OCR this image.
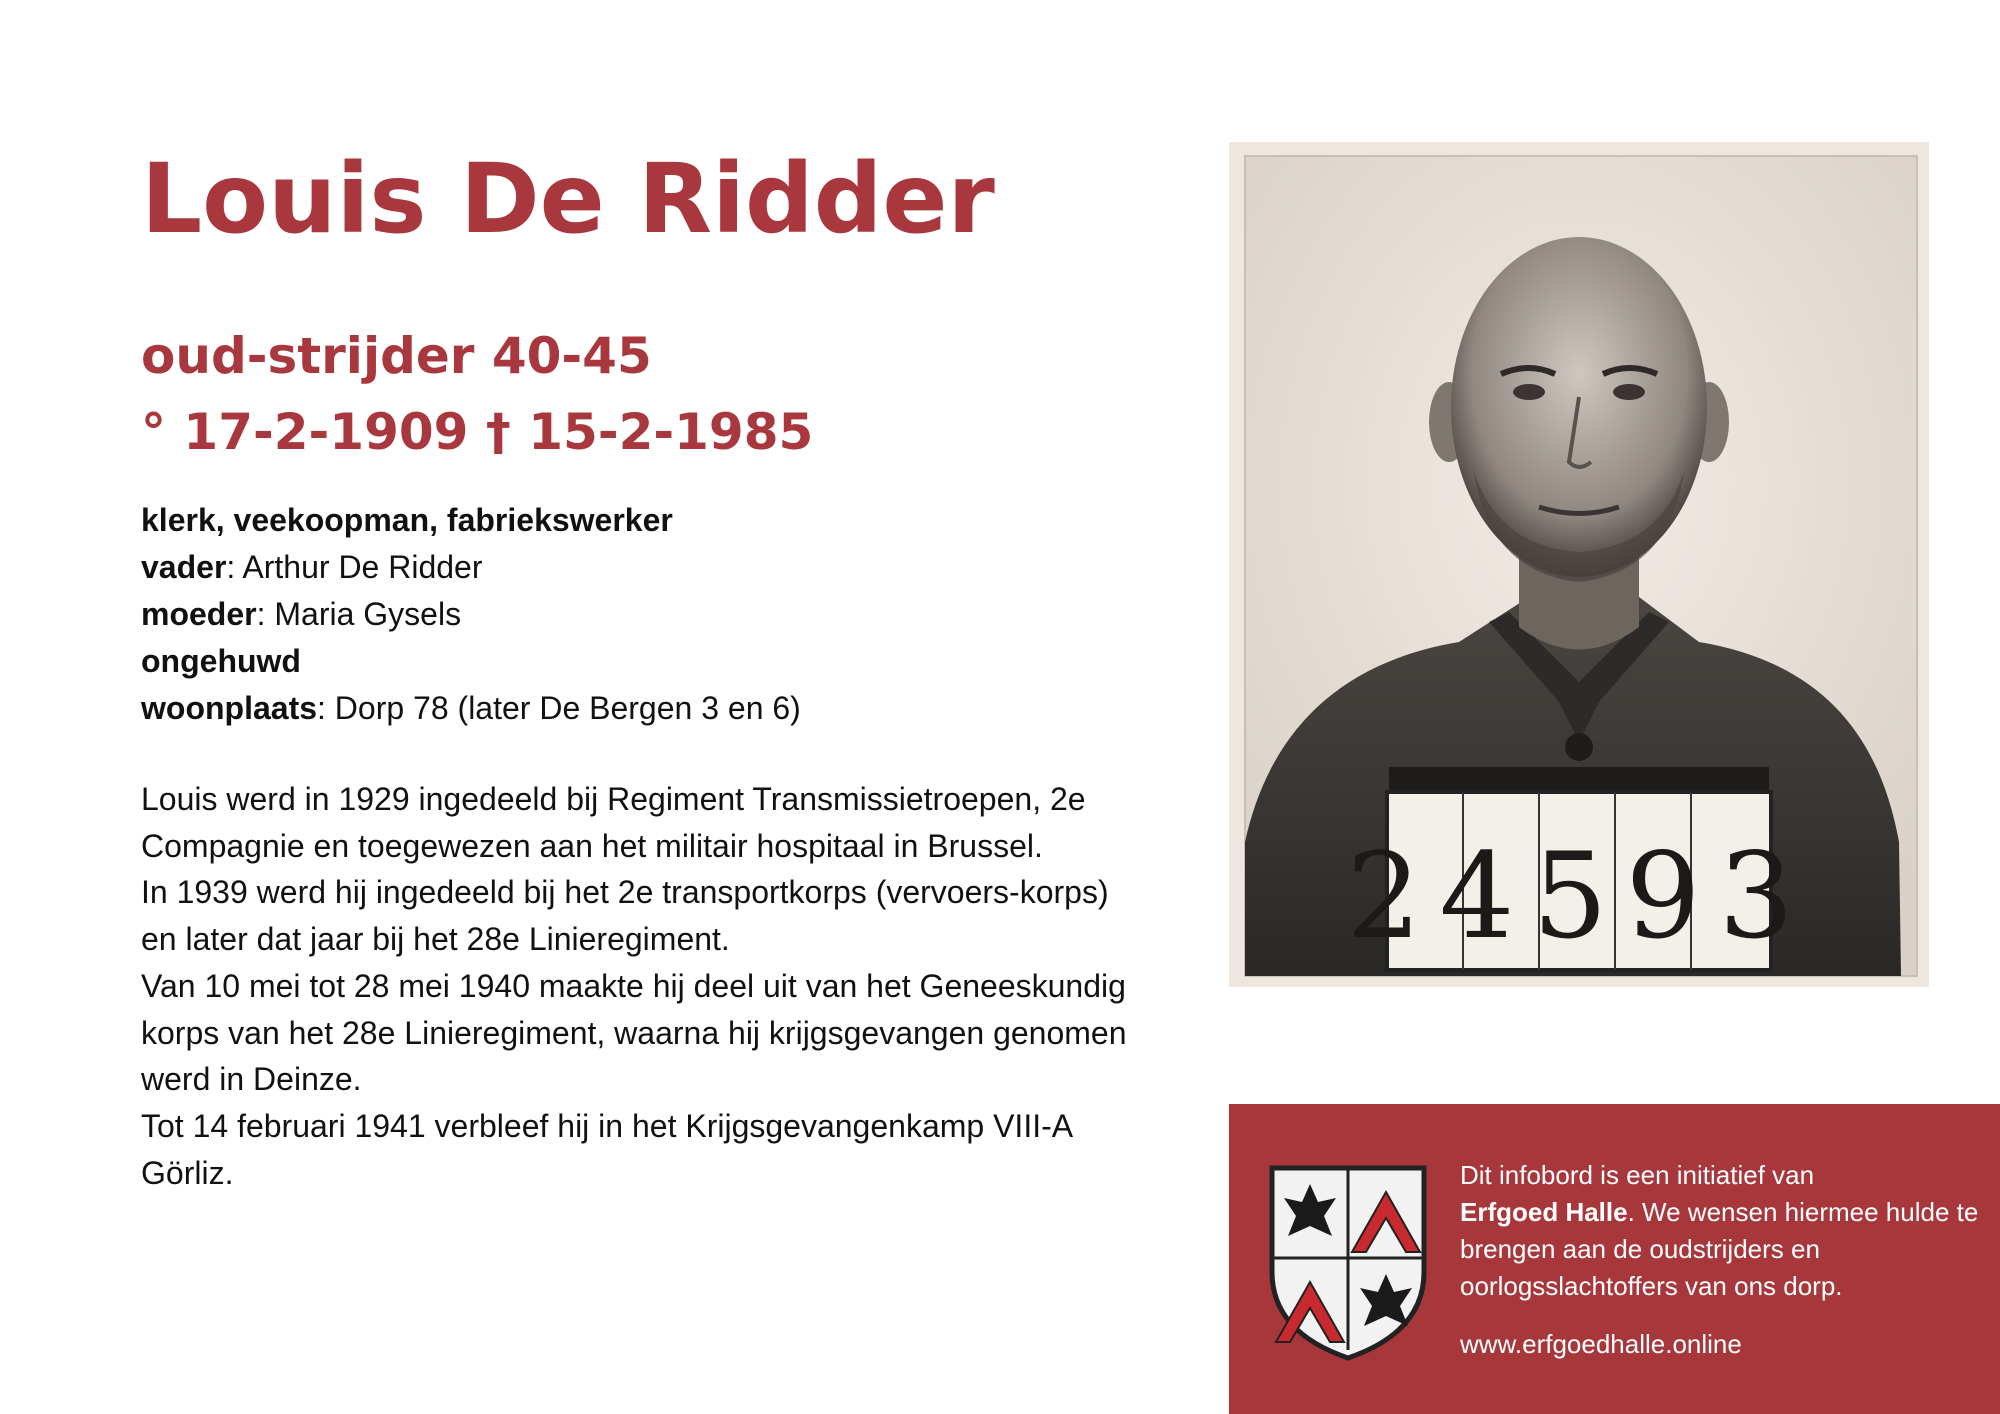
Louis De Ridder
oud-strijder 40-45
° 17-2-1909 † 15-2-1985
klerk, veekoopman, fabriekswerker
vader: Arthur De Ridder
moeder: Maria Gysels
ongehuwd
woonplaats: Dorp 78 (later De Bergen 3 en 6)

Louis werd in 1929 ingedeeld bij Regiment Transmissietroepen, 2e Compagnie en toegewezen aan het militair hospitaal in Brussel.

In 1939 werd hij ingedeeld bij het 2e transportkorps (vervoers-korps) en later dat jaar bij het 28e Linieregiment.

Van 10 mei tot 28 mei 1940 maakte hij deel uit van het Geneeskundig korps van het 28e Linieregiment, waarna hij krijgsgevangen genomen werd in Deinze.

Tot 14 februari 1941 verbleef hij in het Krijgsgevangenkamp VIII-A Görliz.

24593

Dit infobord is een initiatief van
Erfgoed Halle. We wensen hiermee hulde te brengen aan de oudstrijders en oorlogsslachtoffers van ons dorp.

www.erfgoedhalle.online
